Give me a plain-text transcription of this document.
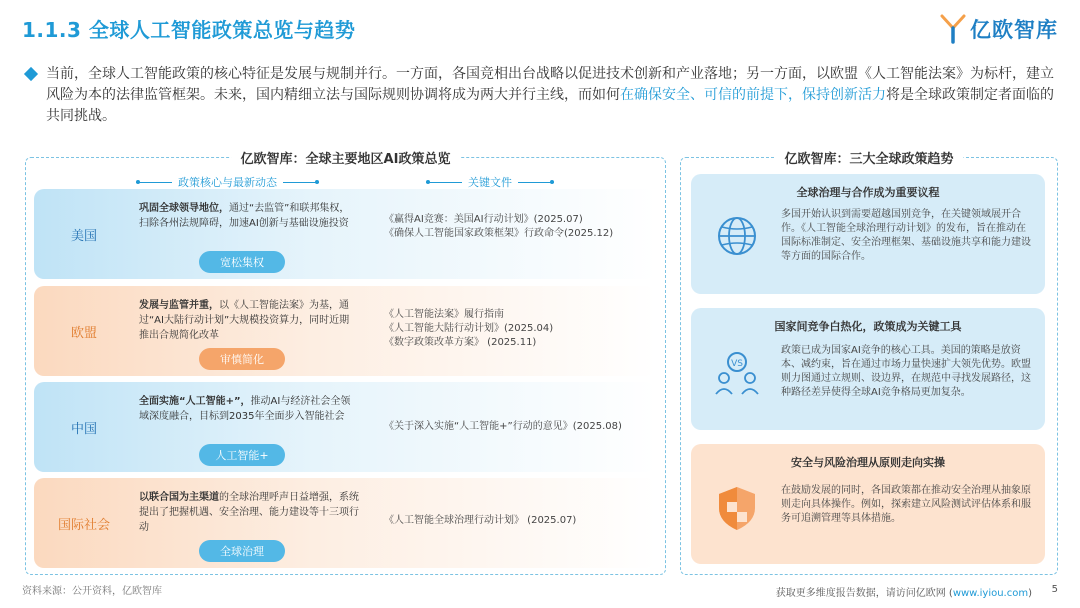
1.1.3 全球人工智能政策总览与趋势	亿欧智库
当前，全球人工智能政策的核心特征是发展与规制并行。一方面，各国竞相出台战略以促进技术创新和产业落地；另一方面，以欧盟《人工智能法案》为标杆，建立风险为本的法律监管框架。未来，国内精细立法与国际规则协调将成为两大并行主线，而如何在确保安全、可信的前提下，保持创新活力将是全球政策制定者面临的共同挑战。
亿欧智库：全球主要地区AI政策总览
政策核心与最新动态	关键文件
美国
巩固全球领导地位，通过“去监管”和联邦集权，扫除各州法规障碍，加速AI创新与基础设施投资
宽松集权
《赢得AI竞赛：美国AI行动计划》(2025.07)
《确保人工智能国家政策框架》行政命令(2025.12)
欧盟
发展与监管并重，以《人工智能法案》为基，通过“AI大陆行动计划”大规模投资算力，同时近期推出合规简化改革
审慎简化
《人工智能法案》履行指南
《人工智能大陆行动计划》(2025.04)
《数字政策改革方案》 (2025.11)
中国
全面实施“人工智能+”，推动AI与经济社会全领域深度融合，目标到2035年全面步入智能社会
人工智能+
《关于深入实施“人工智能+”行动的意见》(2025.08)
国际社会
以联合国为主渠道的全球治理呼声日益增强，系统提出了把握机遇、安全治理、能力建设等十三项行动
全球治理
《人工智能全球治理行动计划》 (2025.07)
亿欧智库：三大全球政策趋势
全球治理与合作成为重要议程
多国开始认识到需要超越国别竞争，在关键领域展开合作。《人工智能全球治理行动计划》的发布，旨在推动在国际标准制定、安全治理框架、基础设施共享和能力建设等方面的国际合作。
国家间竞争白热化，政策成为关键工具
VS
政策已成为国家AI竞争的核心工具。美国的策略是放资本、减约束，旨在通过市场力量快速扩大领先优势。欧盟则力图通过立规则、设边界，在规范中寻找发展路径，这种路径差异使得全球AI竞争格局更加复杂。
安全与风险治理从原则走向实操
在鼓励发展的同时，各国政策都在推动安全治理从抽象原则走向具体操作。例如，探索建立风险测试评估体系和服务可追溯管理等具体措施。
资料来源：公开资料，亿欧智库	获取更多维度报告数据，请访问亿欧网 (www.iyiou.com) 5
